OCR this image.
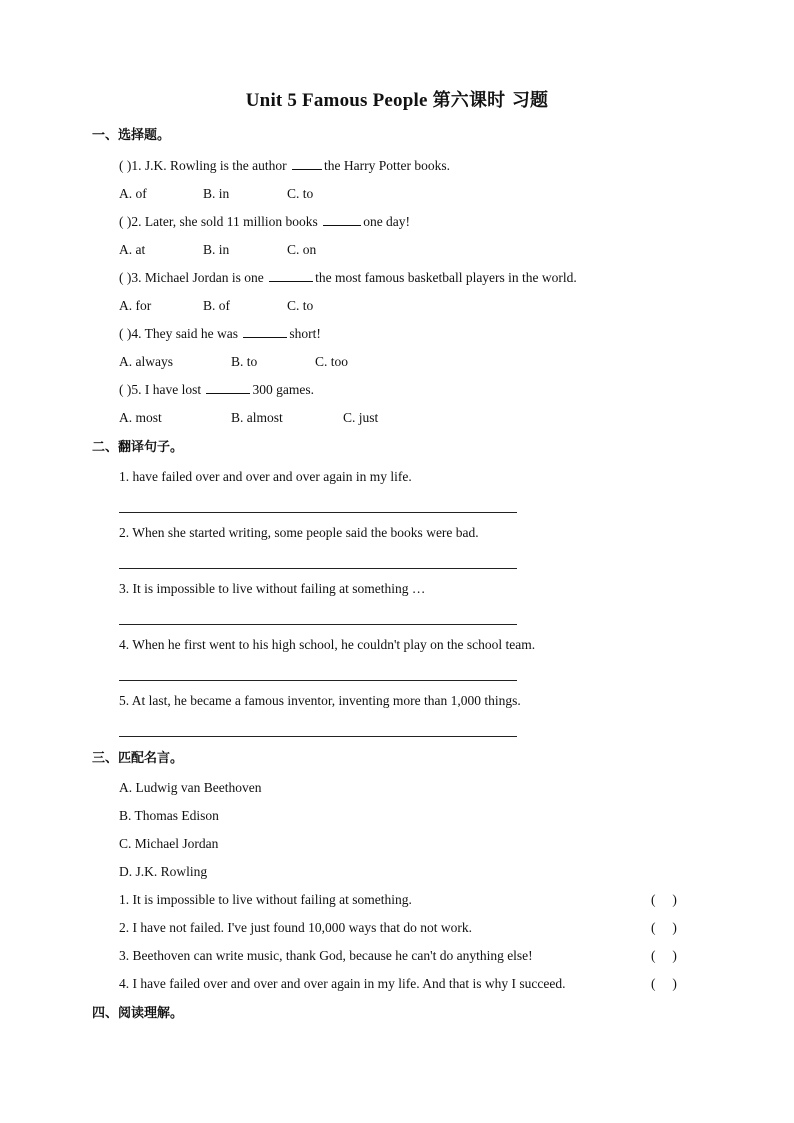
Unit 5 Famous People 第六课时 习题
一、选择题。
( )1. J.K. Rowling is the author	the Harry Potter books.
A. of	B. in	C. to
( )2. Later, she sold 11 million books	one day!
A. at	B. in	C. on
( )3. Michael Jordan is one	the most famous basketball players in the world.
A. for	B. of	C. to
( )4. They said he was	short!
A. always	B. to	C. too
( )5. I have lost	300 games.
A. most	B. almost	C. just
二、翻译句子。
1. have failed over and over and over again in my life.
2. When she started writing, some people said the books were bad.
3. It is impossible to live without failing at something …
4. When he first went to his high school, he couldn't play on the school team.
5. At last, he became a famous inventor, inventing more than 1,000 things.
三、匹配名言。
A. Ludwig van Beethoven
B. Thomas Edison
C. Michael Jordan
D. J.K. Rowling
1. It is impossible to live without failing at something.	(     )
2. I have not failed. I've just found 10,000 ways that do not work.	(     )
3. Beethoven can write music, thank God, because he can't do anything else!	(     )
4. I have failed over and over and over again in my life. And that is why I succeed.	(     )
四、阅读理解。
